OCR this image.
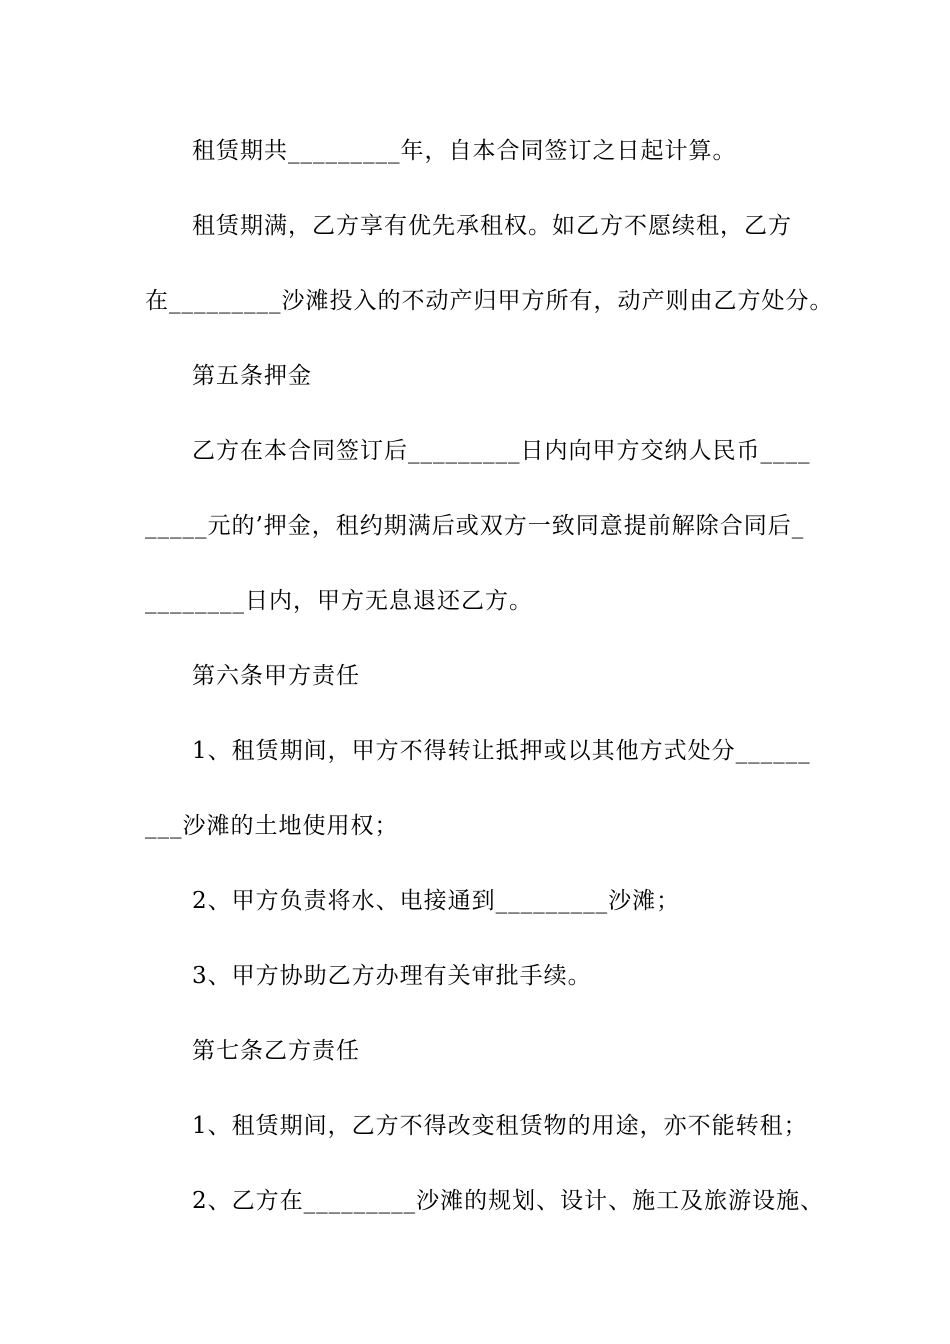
租赁期共_________年，自本合同签订之日起计算。
租赁期满，乙方享有优先承租权。如乙方不愿续租，乙方
在_________沙滩投入的不动产归甲方所有，动产则由乙方处分。
第五条押金
乙方在本合同签订后_________日内向甲方交纳人民币____
_____元的’押金，租约期满后或双方一致同意提前解除合同后_
________日内，甲方无息退还乙方。
第六条甲方责任
1、租赁期间，甲方不得转让抵押或以其他方式处分______
___沙滩的土地使用权；
2、甲方负责将水、电接通到_________沙滩；
3、甲方协助乙方办理有关审批手续。
第七条乙方责任
1、租赁期间，乙方不得改变租赁物的用途，亦不能转租；
2、乙方在_________沙滩的规划、设计、施工及旅游设施、
